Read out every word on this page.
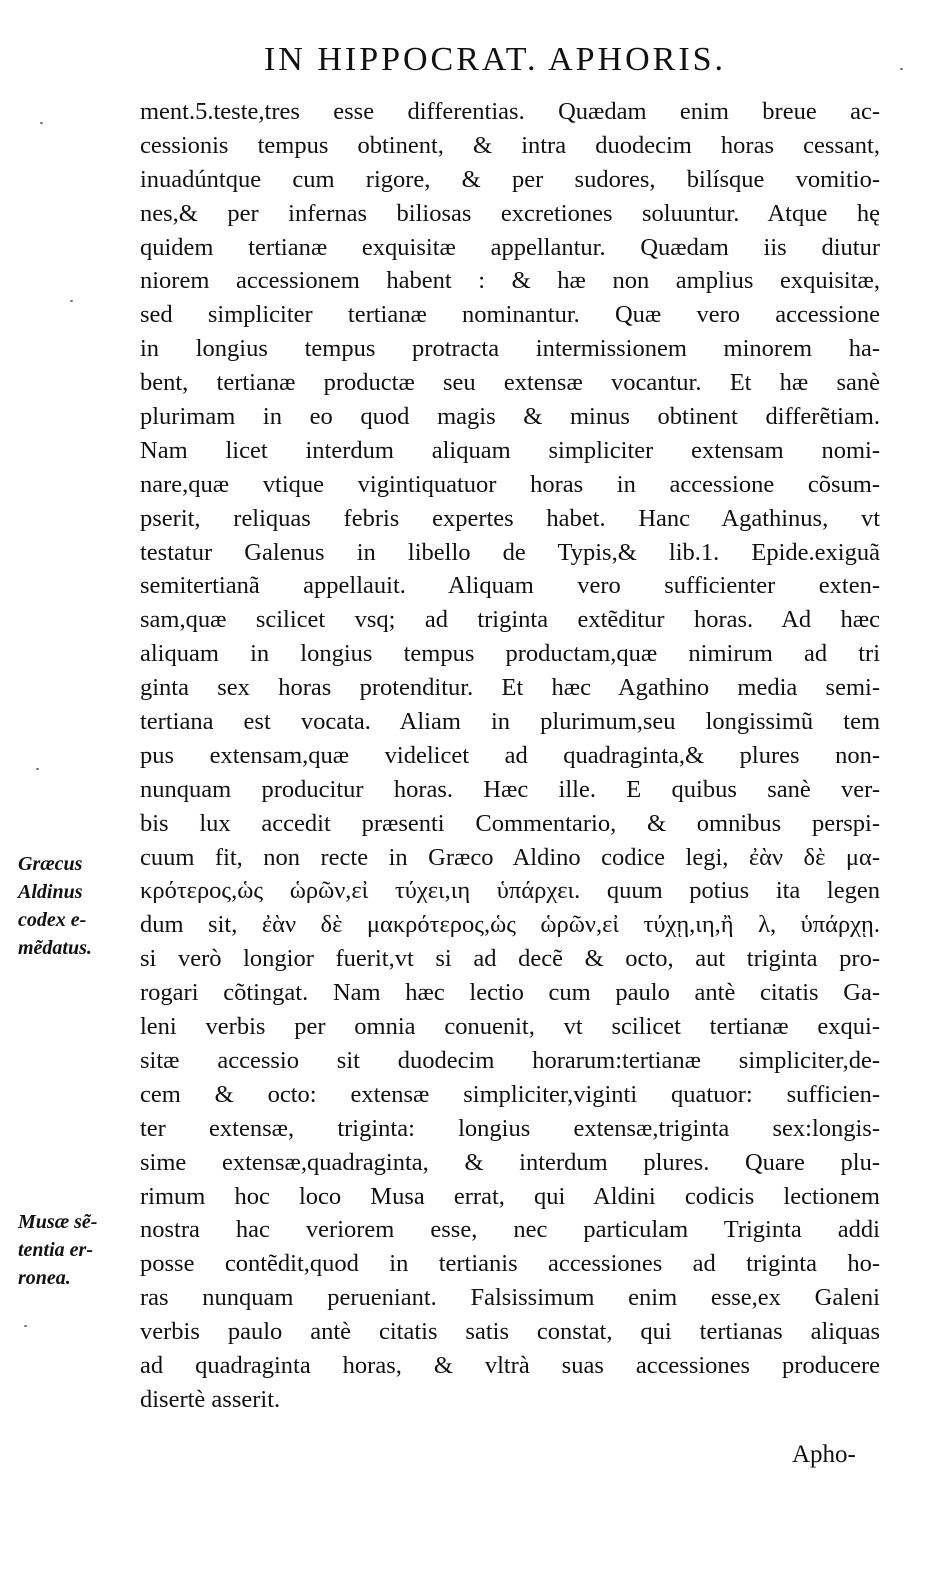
IN HIPPOCRAT. APHORIS.
ment.5.teste,tres esse differentias. Quædam enim breue ac-
cessionis tempus obtinent, & intra duodecim horas cessant,
inuadúntque cum rigore, & per sudores, bilísque vomitio-
nes,& per infernas biliosas excretiones soluuntur. Atque hę
quidem tertianæ exquisitæ appellantur. Quædam iis diutur
niorem accessionem habent : & hæ non amplius exquisitæ,
sed simpliciter tertianæ nominantur. Quæ vero accessione
in longius tempus protracta intermissionem minorem ha-
bent, tertianæ productæ seu extensæ vocantur. Et hæ sanè
plurimam in eo quod magis & minus obtinent differẽtiam.
Nam licet interdum aliquam simpliciter extensam nomi-
nare,quæ vtique vigintiquatuor horas in accessione cõsum-
pserit, reliquas febris expertes habet. Hanc Agathinus, vt
testatur Galenus in libello de Typis,& lib.1. Epide.exiguã
semitertianã appellauit. Aliquam vero sufficienter exten-
sam,quæ scilicet vsq; ad triginta extẽditur horas. Ad hæc
aliquam in longius tempus productam,quæ nimirum ad tri
ginta sex horas protenditur. Et hæc Agathino media semi-
tertiana est vocata. Aliam in plurimum,seu longissimũ tem
pus extensam,quæ videlicet ad quadraginta,& plures non-
nunquam producitur horas. Hæc ille. E quibus sanè ver-
bis lux accedit præsenti Commentario, & omnibus perspi-
cuum fit, non recte in Græco Aldino codice legi, ἐὰν δὲ μα-
κρότερος,ὡς ὡρῶν,εἰ τύχει,ιη ὑπάρχει. quum potius ita legen
dum sit, ἐὰν δὲ μακρότερος,ὡς ὡρῶν,εἰ τύχῃ,ιη,ἢ λ, ὑπάρχῃ.
si verò longior fuerit,vt si ad decẽ & octo, aut triginta pro-
rogari cõtingat. Nam hæc lectio cum paulo antè citatis Ga-
leni verbis per omnia conuenit, vt scilicet tertianæ exqui-
sitæ accessio sit duodecim horarum:tertianæ simpliciter,de-
cem & octo: extensæ simpliciter,viginti quatuor: sufficien-
ter extensæ, triginta: longius extensæ,triginta sex:longis-
sime extensæ,quadraginta, & interdum plures. Quare plu-
rimum hoc loco Musa errat, qui Aldini codicis lectionem
nostra hac veriorem esse, nec particulam Triginta addi
posse contẽdit,quod in tertianis accessiones ad triginta ho-
ras nunquam perueniant. Falsissimum enim esse,ex Galeni
verbis paulo antè citatis satis constat, qui tertianas aliquas
ad quadraginta horas, & vltrà suas accessiones producere
disertè asserit.
Græcus
Aldinus
codex e-
mẽdatus.
Musæ sẽ-
tentia er-
ronea.
Apho-
